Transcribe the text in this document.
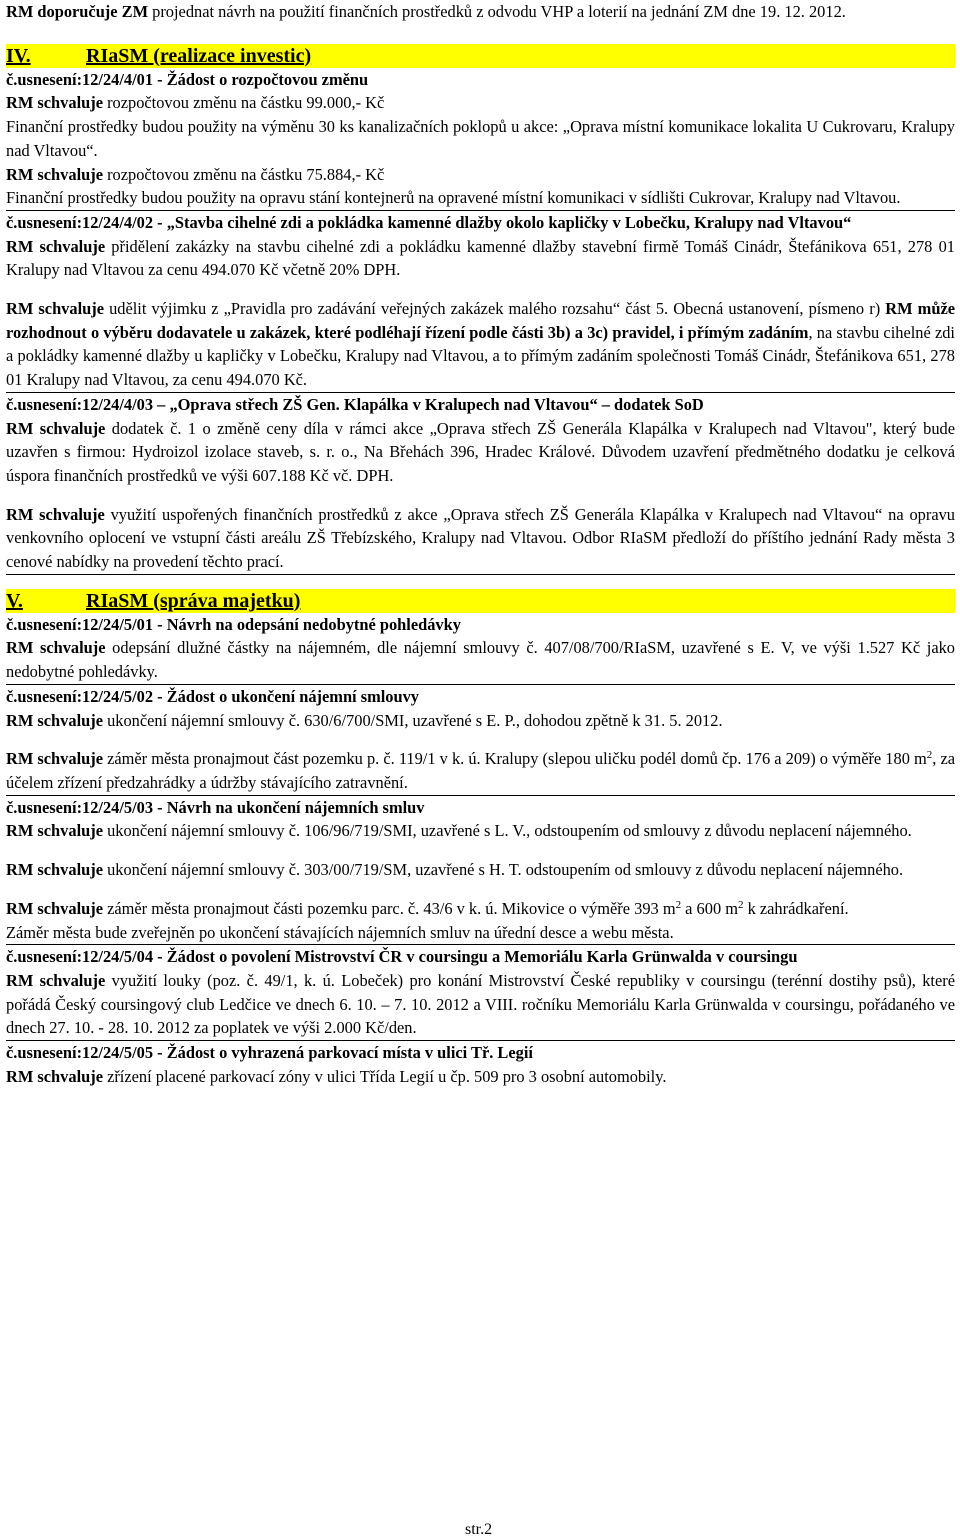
RM doporučuje ZM projednat návrh na použití finančních prostředků z odvodu VHP a loterií na jednání ZM dne 19. 12. 2012.
IV.	RIaSM (realizace investic)
č.usnesení:12/24/4/01 - Žádost o rozpočtovou změnu
RM schvaluje rozpočtovou změnu na částku 99.000,- Kč
Finanční prostředky budou použity na výměnu 30 ks kanalizačních poklopů u akce: „Oprava místní komunikace lokalita U Cukrovaru, Kralupy nad Vltavou“.
RM schvaluje rozpočtovou změnu na částku 75.884,- Kč
Finanční prostředky budou použity na opravu stání kontejnerů na opravené místní komunikaci v sídlišti Cukrovar, Kralupy nad Vltavou.
č.usnesení:12/24/4/02 - „Stavba cihelné zdi a pokládka kamenné dlažby okolo kapličky v Lobečku, Kralupy nad Vltavou“
RM schvaluje přidělení zakázky na stavbu cihelné zdi a pokládku kamenné dlažby stavební firmě Tomáš Cinádr, Štefánikova 651, 278 01 Kralupy nad Vltavou za cenu 494.070 Kč včetně 20% DPH.
RM schvaluje udělit výjimku z „Pravidla pro zadávání veřejných zakázek malého rozsahu“ část 5. Obecná ustanovení, písmeno r) RM může rozhodnout o výběru dodavatele u zakázek, které podléhají řízení podle části 3b) a 3c) pravidel, i přímým zadáním, na stavbu cihelné zdi a pokládky kamenné dlažby u kapličky v Lobečku, Kralupy nad Vltavou, a to přímým zadáním společnosti Tomáš Cinádr, Štefánikova 651, 278 01 Kralupy nad Vltavou, za cenu 494.070 Kč.
č.usnesení:12/24/4/03 – „Oprava střech ZŠ Gen. Klapálka v Kralupech nad Vltavou“ – dodatek SoD
RM schvaluje dodatek č. 1 o změně ceny díla v rámci akce „Oprava střech ZŠ Generála Klapálka v Kralupech nad Vltavou", který bude uzavřen s firmou: Hydroizol izolace staveb, s. r. o., Na Břehách 396, Hradec Králové. Důvodem uzavření předmětného dodatku je celková úspora finančních prostředků ve výši 607.188 Kč vč. DPH.
RM schvaluje využití uspořených finančních prostředků z akce „Oprava střech ZŠ Generála Klapálka v Kralupech nad Vltavou“ na opravu venkovního oplocení ve vstupní části areálu ZŠ Třebízského, Kralupy nad Vltavou. Odbor RIaSM předloží do příštího jednání Rady města 3 cenové nabídky na provedení těchto prací.
V.	RIaSM (správa majetku)
č.usnesení:12/24/5/01 - Návrh na odepsání nedobytné pohledávky
RM schvaluje odepsání dlužné částky na nájemném, dle nájemní smlouvy č. 407/08/700/RIaSM, uzavřené s E. V, ve výši 1.527 Kč jako nedobytné pohledávky.
č.usnesení:12/24/5/02 - Žádost o ukončení nájemní smlouvy
RM schvaluje ukončení nájemní smlouvy č. 630/6/700/SMI, uzavřené s E. P., dohodou zpětně k 31. 5. 2012.
RM schvaluje záměr města pronajmout část pozemku p. č. 119/1 v k. ú. Kralupy (slepou uličku podél domů čp. 176 a 209) o výměře 180 $m^2$, za účelem zřízení předzahrádky a údržby stávajícího zatravnění.
č.usnesení:12/24/5/03 - Návrh na ukončení nájemních smluv
RM schvaluje ukončení nájemní smlouvy č. 106/96/719/SMI, uzavřené s L. V., odstoupením od smlouvy z důvodu neplacení nájemného.
RM schvaluje ukončení nájemní smlouvy č. 303/00/719/SM, uzavřené s H. T. odstoupením od smlouvy z důvodu neplacení nájemného.
RM schvaluje záměr města pronajmout části pozemku parc. č. 43/6 v k. ú. Mikovice o výměře 393 $m^2$ a 600 $m^2$ k zahrádkaření.
Záměr města bude zveřejněn po ukončení stávajících nájemních smluv na úřední desce a webu města.
č.usnesení:12/24/5/04 - Žádost o povolení Mistrovství ČR v coursingu a Memoriálu Karla Grünwalda v coursingu
RM schvaluje využití louky (poz. č. 49/1, k. ú. Lobeček) pro konání Mistrovství České republiky v coursingu (terénní dostihy psů), které pořádá Český coursingový club Ledčice ve dnech 6. 10. – 7. 10. 2012 a VIII. ročníku Memoriálu Karla Grünwalda v coursingu, pořádaného ve dnech 27. 10. - 28. 10. 2012 za poplatek ve výši 2.000 Kč/den.
č.usnesení:12/24/5/05 - Žádost o vyhrazená parkovací místa v ulici Tř. Legií
RM schvaluje zřízení placené parkovací zóny v ulici Třída Legií u čp. 509 pro 3 osobní automobily.
str.2
